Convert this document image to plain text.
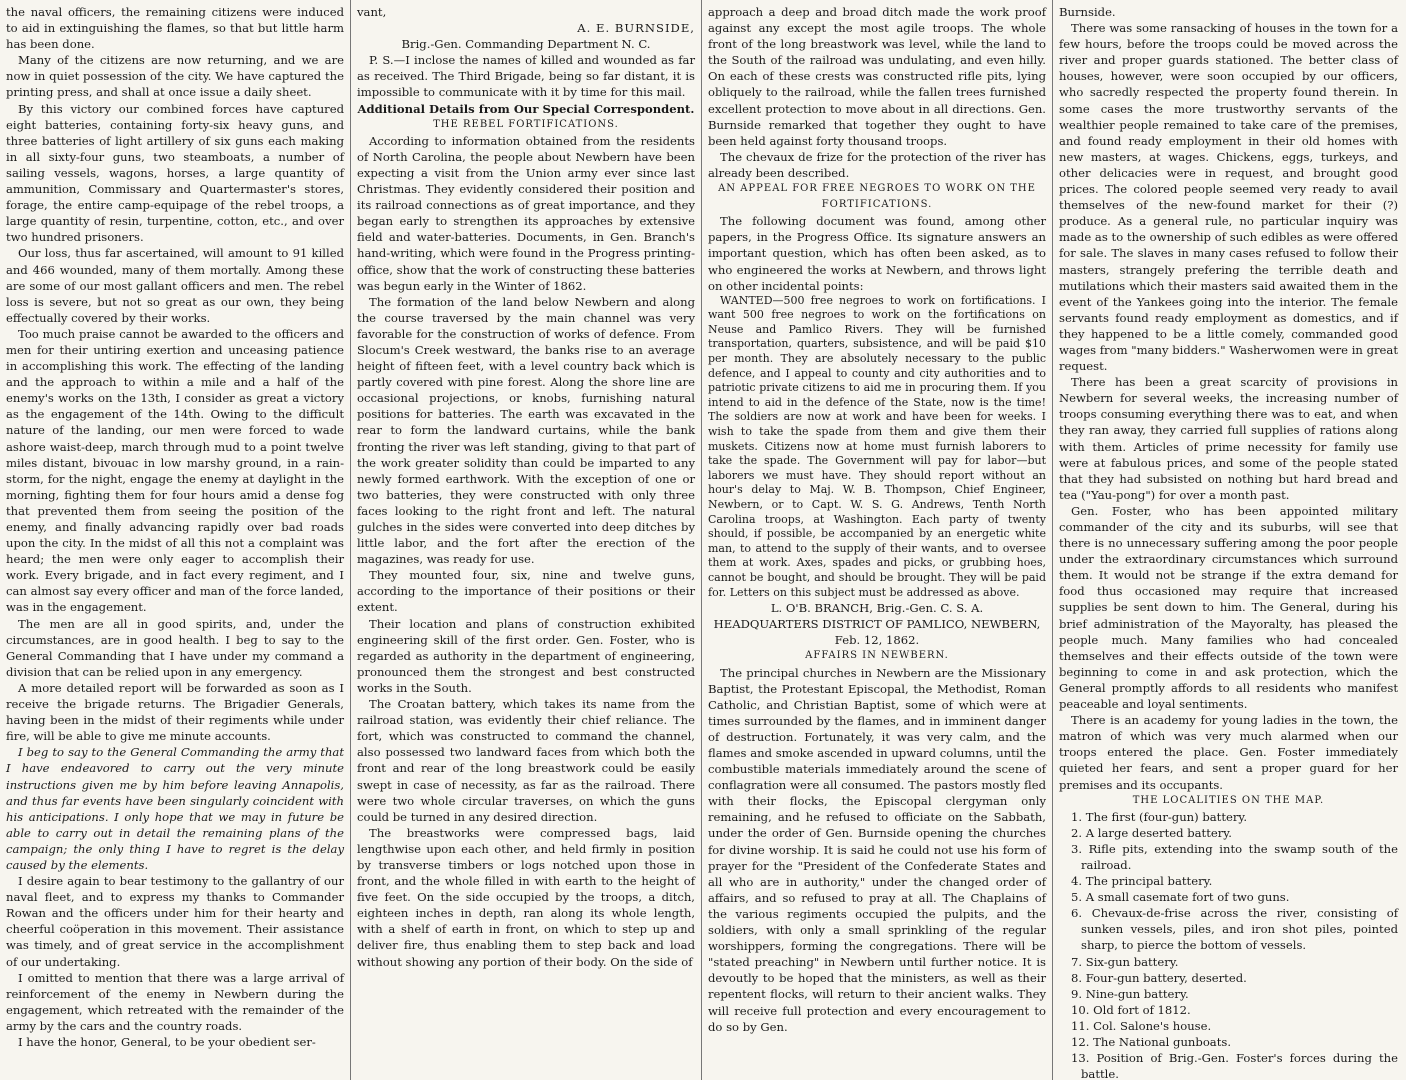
the naval officers, the remaining citizens were induced to aid in extinguishing the flames, so that but little harm has been done.

Many of the citizens are now returning, and we are now in quiet possession of the city. We have captured the printing press, and shall at once issue a daily sheet.

By this victory our combined forces have captured eight batteries, containing forty-six heavy guns, and three batteries of light artillery of six guns each making in all sixty-four guns, two steamboats, a number of sailing vessels, wagons, horses, a large quantity of ammunition, Commissary and Quartermaster's stores, forage, the entire camp-equipage of the rebel troops, a large quantity of resin, turpentine, cotton, etc., and over two hundred prisoners.

Our loss, thus far ascertained, will amount to 91 killed and 466 wounded, many of them mortally. Among these are some of our most gallant officers and men. The rebel loss is severe, but not so great as our own, they being effectually covered by their works.

Too much praise cannot be awarded to the officers and men for their untiring exertion and unceasing patience in accomplishing this work. The effecting of the landing and the approach to within a mile and a half of the enemy's works on the 13th, I consider as great a victory as the engagement of the 14th. Owing to the difficult nature of the landing, our men were forced to wade ashore waist-deep, march through mud to a point twelve miles distant, bivouac in low marshy ground, in a rain-storm, for the night, engage the enemy at daylight in the morning, fighting them for four hours amid a dense fog that prevented them from seeing the position of the enemy, and finally advancing rapidly over bad roads upon the city. In the midst of all this not a complaint was heard; the men were only eager to accomplish their work. Every brigade, and in fact every regiment, and I can almost say every officer and man of the force landed, was in the engagement.

The men are all in good spirits, and, under the circumstances, are in good health. I beg to say to the General Commanding that I have under my command a division that can be relied upon in any emergency.

A more detailed report will be forwarded as soon as I receive the brigade returns. The Brigadier Generals, having been in the midst of their regiments while under fire, will be able to give me minute accounts.

I beg to say to the General Commanding the army that I have endeavored to carry out the very minute instructions given me by him before leaving Annapolis, and thus far events have been singularly coincident with his anticipations. I only hope that we may in future be able to carry out in detail the remaining plans of the campaign; the only thing I have to regret is the delay caused by the elements.

I desire again to bear testimony to the gallantry of our naval fleet, and to express my thanks to Commander Rowan and the officers under him for their hearty and cheerful coöperation in this movement. Their assistance was timely, and of great service in the accomplishment of our undertaking.

I omitted to mention that there was a large arrival of reinforcement of the enemy in Newbern during the engagement, which retreated with the remainder of the army by the cars and the country roads.

I have the honor, General, to be your obedient ser-

vant,

A. E. BURNSIDE,

Brig.-Gen. Commanding Department N. C.

P. S.—I inclose the names of killed and wounded as far as received. The Third Brigade, being so far distant, it is impossible to communicate with it by time for this mail.

Additional Details from Our Special Correspondent.

THE REBEL FORTIFICATIONS.

According to information obtained from the residents of North Carolina, the people about Newbern have been expecting a visit from the Union army ever since last Christmas. They evidently considered their position and its railroad connections as of great importance, and they began early to strengthen its approaches by extensive field and water-batteries. Documents, in Gen. Branch's hand-writing, which were found in the Progress printing-office, show that the work of constructing these batteries was begun early in the Winter of 1862.

The formation of the land below Newbern and along the course traversed by the main channel was very favorable for the construction of works of defence. From Slocum's Creek westward, the banks rise to an average height of fifteen feet, with a level country back which is partly covered with pine forest. Along the shore line are occasional projections, or knobs, furnishing natural positions for batteries. The earth was excavated in the rear to form the landward curtains, while the bank fronting the river was left standing, giving to that part of the work greater solidity than could be imparted to any newly formed earthwork. With the exception of one or two batteries, they were constructed with only three faces looking to the right front and left. The natural gulches in the sides were converted into deep ditches by little labor, and the fort after the erection of the magazines, was ready for use.

They mounted four, six, nine and twelve guns, according to the importance of their positions or their extent.

Their location and plans of construction exhibited engineering skill of the first order. Gen. Foster, who is regarded as authority in the department of engineering, pronounced them the strongest and best constructed works in the South.

The Croatan battery, which takes its name from the railroad station, was evidently their chief reliance. The fort, which was constructed to command the channel, also possessed two landward faces from which both the front and rear of the long breastwork could be easily swept in case of necessity, as far as the railroad. There were two whole circular traverses, on which the guns could be turned in any desired direction.

The breastworks were compressed bags, laid lengthwise upon each other, and held firmly in position by transverse timbers or logs notched upon those in front, and the whole filled in with earth to the height of five feet. On the side occupied by the troops, a ditch, eighteen inches in depth, ran along its whole length, with a shelf of earth in front, on which to step up and deliver fire, thus enabling them to step back and load without showing any portion of their body. On the side of

approach a deep and broad ditch made the work proof against any except the most agile troops. The whole front of the long breastwork was level, while the land to the South of the railroad was undulating, and even hilly. On each of these crests was constructed rifle pits, lying obliquely to the railroad, while the fallen trees furnished excellent protection to move about in all directions. Gen. Burnside remarked that together they ought to have been held against forty thousand troops.

The chevaux de frize for the protection of the river has already been described.

AN APPEAL FOR FREE NEGROES TO WORK ON THE FORTIFICATIONS.

The following document was found, among other papers, in the Progress Office. Its signature answers an important question, which has often been asked, as to who engineered the works at Newbern, and throws light on other incidental points:

WANTED—500 free negroes to work on fortifications. I want 500 free negroes to work on the fortifications on Neuse and Pamlico Rivers. They will be furnished transportation, quarters, subsistence, and will be paid $10 per month. They are absolutely necessary to the public defence, and I appeal to county and city authorities and to patriotic private citizens to aid me in procuring them. If you intend to aid in the defence of the State, now is the time! The soldiers are now at work and have been for weeks. I wish to take the spade from them and give them their muskets. Citizens now at home must furnish laborers to take the spade. The Government will pay for labor—but laborers we must have. They should report without an hour's delay to Maj. W. B. Thompson, Chief Engineer, Newbern, or to Capt. W. S. G. Andrews, Tenth North Carolina troops, at Washington. Each party of twenty should, if possible, be accompanied by an energetic white man, to attend to the supply of their wants, and to oversee them at work. Axes, spades and picks, or grubbing hoes, cannot be bought, and should be brought. They will be paid for. Letters on this subject must be addressed as above.

L. O'B. BRANCH, Brig.-Gen. C. S. A.

HEADQUARTERS DISTRICT OF PAMLICO, NEWBERN, Feb. 12, 1862.

AFFAIRS IN NEWBERN.

The principal churches in Newbern are the Missionary Baptist, the Protestant Episcopal, the Methodist, Roman Catholic, and Christian Baptist, some of which were at times surrounded by the flames, and in imminent danger of destruction. Fortunately, it was very calm, and the flames and smoke ascended in upward columns, until the combustible materials immediately around the scene of conflagration were all consumed. The pastors mostly fled with their flocks, the Episcopal clergyman only remaining, and he refused to officiate on the Sabbath, under the order of Gen. Burnside opening the churches for divine worship. It is said he could not use his form of prayer for the "President of the Confederate States and all who are in authority," under the changed order of affairs, and so refused to pray at all. The Chaplains of the various regiments occupied the pulpits, and the soldiers, with only a small sprinkling of the regular worshippers, forming the congregations. There will be "stated preaching" in Newbern until further notice. It is devoutly to be hoped that the ministers, as well as their repentent flocks, will return to their ancient walks. They will receive full protection and every encouragement to do so by Gen.

Burnside.

There was some ransacking of houses in the town for a few hours, before the troops could be moved across the river and proper guards stationed. The better class of houses, however, were soon occupied by our officers, who sacredly respected the property found therein. In some cases the more trustworthy servants of the wealthier people remained to take care of the premises, and found ready employment in their old homes with new masters, at wages. Chickens, eggs, turkeys, and other delicacies were in request, and brought good prices. The colored people seemed very ready to avail themselves of the new-found market for their (?) produce. As a general rule, no particular inquiry was made as to the ownership of such edibles as were offered for sale. The slaves in many cases refused to follow their masters, strangely prefering the terrible death and mutilations which their masters said awaited them in the event of the Yankees going into the interior. The female servants found ready employment as domestics, and if they happened to be a little comely, commanded good wages from "many bidders." Washerwomen were in great request.

There has been a great scarcity of provisions in Newbern for several weeks, the increasing number of troops consuming everything there was to eat, and when they ran away, they carried full supplies of rations along with them. Articles of prime necessity for family use were at fabulous prices, and some of the people stated that they had subsisted on nothing but hard bread and tea ("Yau-pong") for over a month past.

Gen. Foster, who has been appointed military commander of the city and its suburbs, will see that there is no unnecessary suffering among the poor people under the extraordinary circumstances which surround them. It would not be strange if the extra demand for food thus occasioned may require that increased supplies be sent down to him. The General, during his brief administration of the Mayoralty, has pleased the people much. Many families who had concealed themselves and their effects outside of the town were beginning to come in and ask protection, which the General promptly affords to all residents who manifest peaceable and loyal sentiments.

There is an academy for young ladies in the town, the matron of which was very much alarmed when our troops entered the place. Gen. Foster immediately quieted her fears, and sent a proper guard for her premises and its occupants.

THE LOCALITIES ON THE MAP.

1. The first (four-gun) battery.

2. A large deserted battery.

3. Rifle pits, extending into the swamp south of the railroad.

4. The principal battery.

5. A small casemate fort of two guns.

6. Chevaux-de-frise across the river, consisting of sunken vessels, piles, and iron shot piles, pointed sharp, to pierce the bottom of vessels.

7. Six-gun battery.

8. Four-gun battery, deserted.

9. Nine-gun battery.

10. Old fort of 1812.

11. Col. Salone's house.

12. The National gunboats.

13. Position of Brig.-Gen. Foster's forces during the battle.
